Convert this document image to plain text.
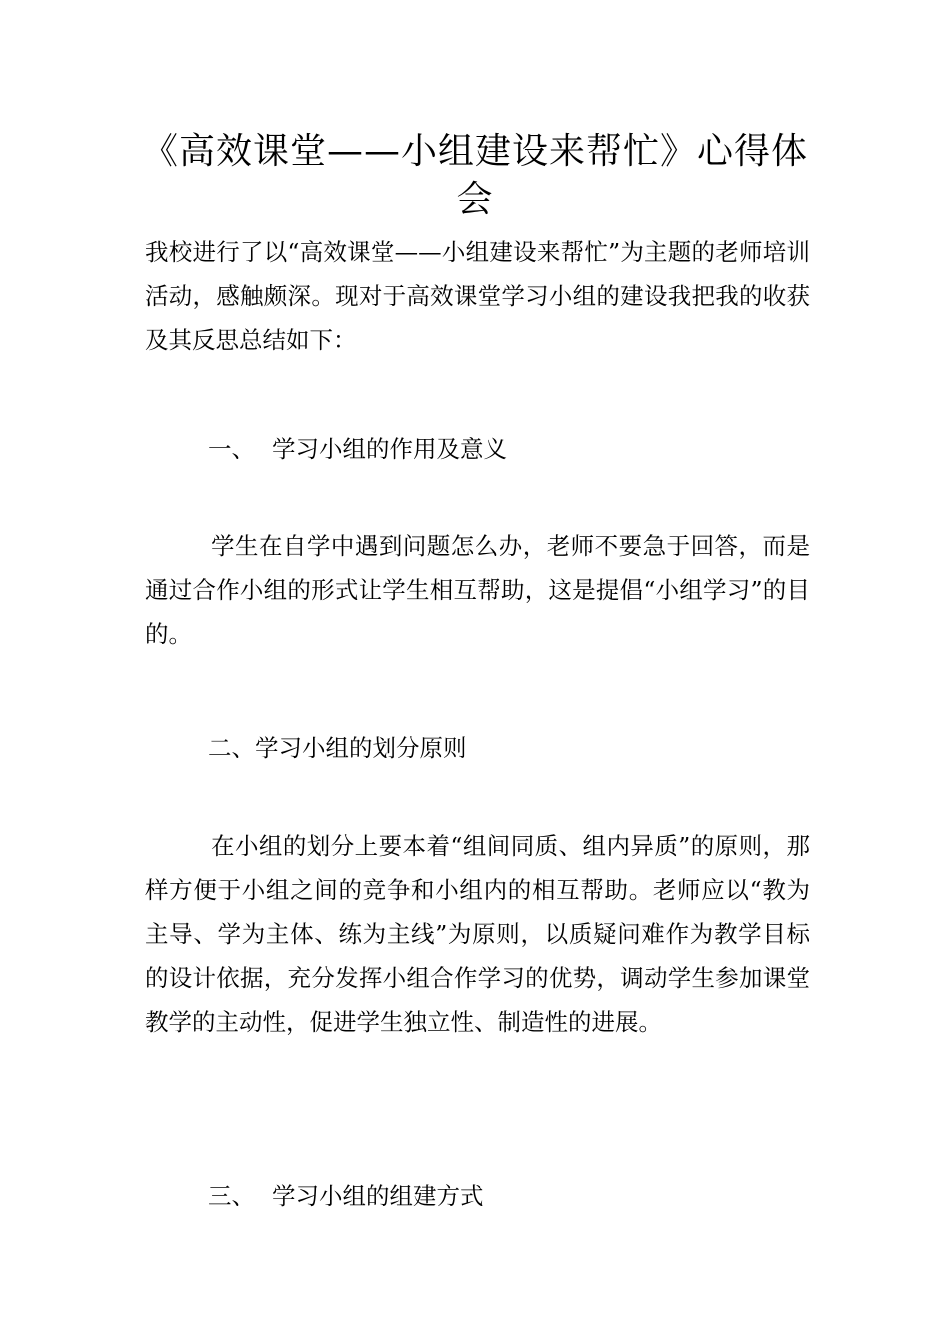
《高效课堂——小组建设来帮忙》心得体会

我校进行了以“高效课堂——小组建设来帮忙”为主题的老师培训活动，感触颇深。现对于高效课堂学习小组的建设我把我的收获及其反思总结如下：

一、 学习小组的作用及意义

学生在自学中遇到问题怎么办，老师不要急于回答，而是通过合作小组的形式让学生相互帮助，这是提倡“小组学习”的目的。

二、学习小组的划分原则

在小组的划分上要本着“组间同质、组内异质”的原则，那样方便于小组之间的竞争和小组内的相互帮助。老师应以“教为主导、学为主体、练为主线”为原则，以质疑问难作为教学目标的设计依据，充分发挥小组合作学习的优势，调动学生参加课堂教学的主动性，促进学生独立性、制造性的进展。

三、 学习小组的组建方式
